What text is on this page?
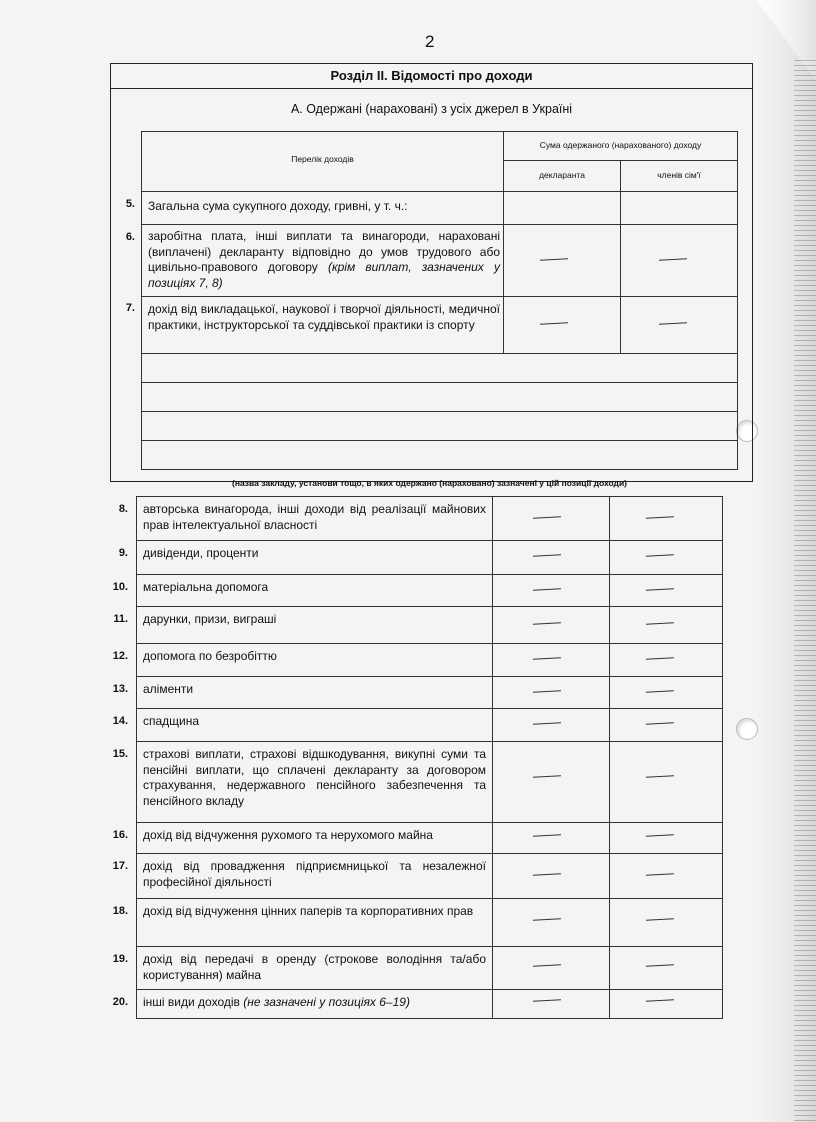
2
Розділ ІІ. Відомості про доходи
А. Одержані (нараховані) з усіх джерел в Україні
Перелік доходів
Сума одержаного (нарахованого) доходу
декларанта	членів сім'ї
5. Загальна сума сукупного доходу, гривні, у т. ч.:
6. заробітна плата, інші виплати та винагороди, нараховані (виплачені) декларанту відповідно до умов трудового або цивільно-правового договору (крім виплат, зазначених у позиціях 7, 8)
7. дохід від викладацької, наукової і творчої діяльності, медичної практики, інструкторської та суддівської практики із спорту
(назва закладу, установи тощо, в яких одержано (нараховано) зазначені у цій позиції доходи)
8. авторська винагорода, інші доходи від реалізації майнових прав інтелектуальної власності
9. дивіденди, проценти
10. матеріальна допомога
11. дарунки, призи, виграші
12. допомога по безробіттю
13. аліменти
14. спадщина
15. страхові виплати, страхові відшкодування, викупні суми та пенсійні виплати, що сплачені декларанту за договором страхування, недержавного пенсійного забезпечення та пенсійного вкладу
16. дохід від відчуження рухомого та нерухомого майна
17. дохід від провадження підприємницької та незалежної професійної діяльності
18. дохід від відчуження цінних паперів та корпоративних прав
19. дохід від передачі в оренду (строкове володіння та/або користування) майна
20. інші види доходів (не зазначені у позиціях 6–19)
